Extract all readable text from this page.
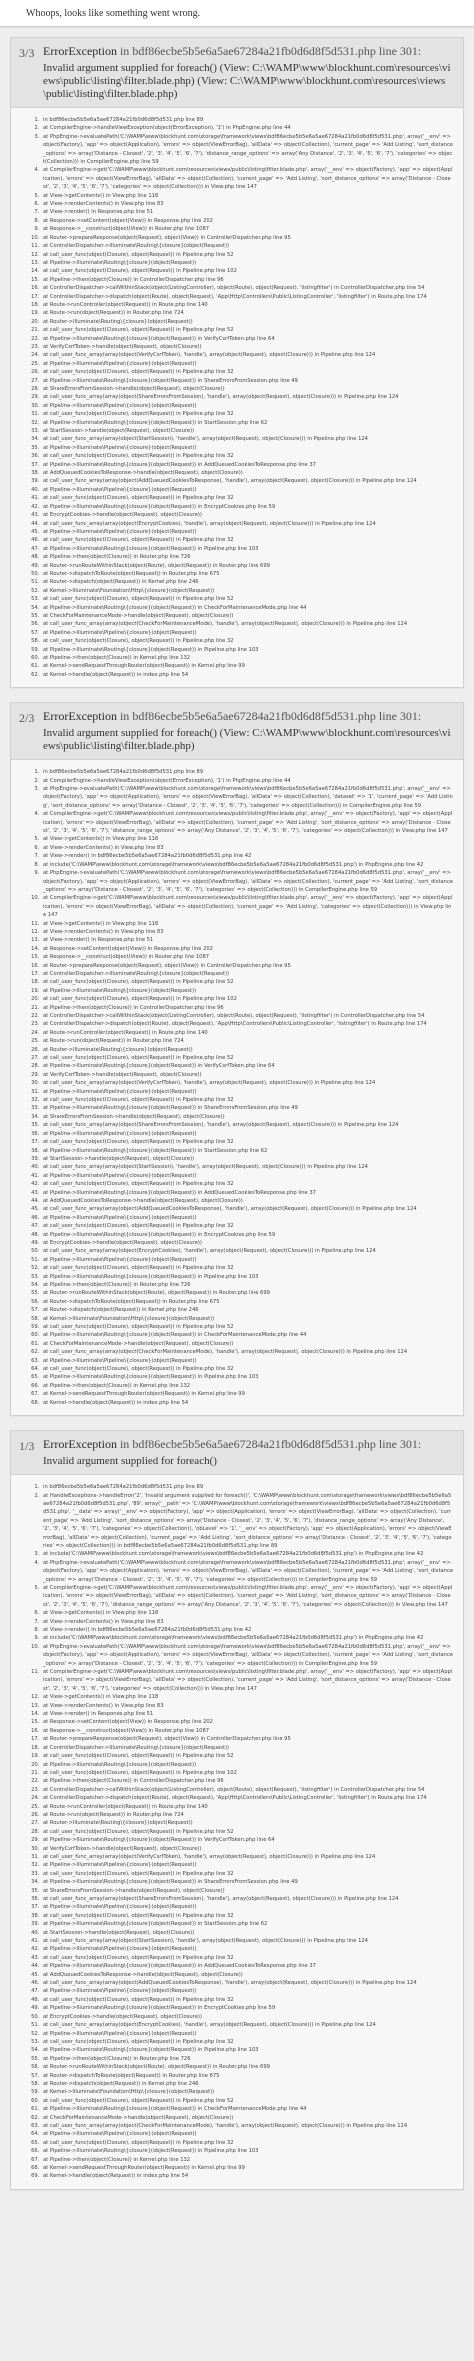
Whoops, looks like something went wrong.
3/3 ErrorException in bdf86ecbe5b5e6a5ae67284a21fb0d6d8f5d531.php line 301:
Invalid argument supplied for foreach() (View: C:\WAMP\www\blockhunt.com\resources\views\public\listing\filter.blade.php) (View: C:\WAMP\www\blockhunt.com\resources\views\public\listing\filter.blade.php)
1. in bdf86ecbe5b5e6a5ae67284a21fb0d6d8f5d531.php line 89
2. at CompilerEngine->handleViewException(object(ErrorException), '1') in PhpEngine.php line 44
3. at PhpEngine->evaluatePath('C:\WAMP\www\blockhunt.com\storage\framework\views\bdf86ecbe5b5e6a5ae67284a21fb0d6d8f5d531.php', array('__env' => object(Factory), 'app' => object(Application), 'errors' => object(ViewErrorBag), 'allData' => object(Collection), 'current_page' => 'Add Listing', 'sort_distance_options' => array('Distance - Closest', '2', '3', '4', '5', '6', '7'), 'distance_range_options' => array('Any Distance', '2', '3', '4', '5', '6', '7'), 'categories' => object(Collection))) in CompilerEngine.php line 59
4. at CompilerEngine->get('C:\WAMP\www\blockhunt.com\resources\views/public\listing\filter.blade.php', array('__env' => object(Factory), 'app' => object(Application), 'errors' => object(ViewErrorBag), 'allData' => object(Collection), 'current_page' => 'Add Listing', 'sort_distance_options' => array('Distance - Closest', '2', '3', '4', '5', '6', '7'), 'categories' => object(Collection))) in View.php line 147
5. at View->getContents() in View.php line 118
6. at View->renderContents() in View.php line 83
7. at View->render() in Response.php line 51
8. at Response->setContent(object(View)) in Response.php line 202
9. at Response->__construct(object(View)) in Router.php line 1087
10. at Router->prepareResponse(object(Request), object(View)) in ControllerDispatcher.php line 95
11. at ControllerDispatcher->Illuminate\Routing\{closure}(object(Request))
12. at call_user_func(object(Closure), object(Request)) in Pipeline.php line 52
13. at Pipeline->Illuminate\Routing\{closure}(object(Request))
14. at call_user_func(object(Closure), object(Request)) in Pipeline.php line 102
15. at Pipeline->then(object(Closure)) in ControllerDispatcher.php line 96
16. at ControllerDispatcher->callWithinStack(object(ListingController), object(Route), object(Request), 'listingfilter') in ControllerDispatcher.php line 54
17. at ControllerDispatcher->dispatch(object(Route), object(Request), 'App\Http\Controllers\Public\ListingController', 'listingfilter') in Route.php line 174
18. at Route->runController(object(Request)) in Route.php line 140
19. at Route->run(object(Request)) in Router.php line 724
20. at Router->Illuminate\Routing\{closure}(object(Request))
21. at call_user_func(object(Closure), object(Request)) in Pipeline.php line 52
22. at Pipeline->Illuminate\Routing\{closure}(object(Request)) in VerifyCsrfToken.php line 64
23. at VerifyCsrfToken->handle(object(Request), object(Closure))
24. at call_user_func_array(array(object(VerifyCsrfToken), 'handle'), array(object(Request), object(Closure))) in Pipeline.php line 124
25. at Pipeline->Illuminate\Pipeline\{closure}(object(Request))
26. at call_user_func(object(Closure), object(Request)) in Pipeline.php line 32
27. at Pipeline->Illuminate\Routing\{closure}(object(Request)) in ShareErrorsFromSession.php line 49
28. at ShareErrorsFromSession->handle(object(Request), object(Closure))
29. at call_user_func_array(array(object(ShareErrorsFromSession), 'handle'), array(object(Request), object(Closure))) in Pipeline.php line 124
30. at Pipeline->Illuminate\Pipeline\{closure}(object(Request))
31. at call_user_func(object(Closure), object(Request)) in Pipeline.php line 32
32. at Pipeline->Illuminate\Routing\{closure}(object(Request)) in StartSession.php line 62
33. at StartSession->handle(object(Request), object(Closure))
34. at call_user_func_array(array(object(StartSession), 'handle'), array(object(Request), object(Closure))) in Pipeline.php line 124
35. at Pipeline->Illuminate\Pipeline\{closure}(object(Request))
36. at call_user_func(object(Closure), object(Request)) in Pipeline.php line 32
37. at Pipeline->Illuminate\Routing\{closure}(object(Request)) in AddQueuedCookiesToResponse.php line 37
38. at AddQueuedCookiesToResponse->handle(object(Request), object(Closure))
39. at call_user_func_array(array(object(AddQueuedCookiesToResponse), 'handle'), array(object(Request), object(Closure))) in Pipeline.php line 124
40. at Pipeline->Illuminate\Pipeline\{closure}(object(Request))
41. at call_user_func(object(Closure), object(Request)) in Pipeline.php line 32
42. at Pipeline->Illuminate\Routing\{closure}(object(Request)) in EncryptCookies.php line 59
43. at EncryptCookies->handle(object(Request), object(Closure))
44. at call_user_func_array(array(object(EncryptCookies), 'handle'), array(object(Request), object(Closure))) in Pipeline.php line 124
45. at Pipeline->Illuminate\Pipeline\{closure}(object(Request))
46. at call_user_func(object(Closure), object(Request)) in Pipeline.php line 32
47. at Pipeline->Illuminate\Routing\{closure}(object(Request)) in Pipeline.php line 103
48. at Pipeline->then(object(Closure)) in Router.php line 726
49. at Router->runRouteWithinStack(object(Route), object(Request)) in Router.php line 699
50. at Router->dispatchToRoute(object(Request)) in Router.php line 675
51. at Router->dispatch(object(Request)) in Kernel.php line 246
52. at Kernel->Illuminate\Foundation\Http\{closure}(object(Request))
53. at call_user_func(object(Closure), object(Request)) in Pipeline.php line 52
54. at Pipeline->Illuminate\Routing\{closure}(object(Request)) in CheckForMaintenanceMode.php line 44
55. at CheckForMaintenanceMode->handle(object(Request), object(Closure))
56. at call_user_func_array(array(object(CheckForMaintenanceMode), 'handle'), array(object(Request), object(Closure))) in Pipeline.php line 124
57. at Pipeline->Illuminate\Pipeline\{closure}(object(Request))
58. at call_user_func(object(Closure), object(Request)) in Pipeline.php line 32
59. at Pipeline->Illuminate\Routing\{closure}(object(Request)) in Pipeline.php line 103
60. at Pipeline->then(object(Closure)) in Kernel.php line 132
61. at Kernel->sendRequestThroughRouter(object(Request)) in Kernel.php line 99
62. at Kernel->handle(object(Request)) in index.php line 54
2/3 ErrorException in bdf86ecbe5b5e6a5ae67284a21fb0d6d8f5d531.php line 301:
Invalid argument supplied for foreach() (View: C:\WAMP\www\blockhunt.com\resources\views\public\listing\filter.blade.php)
1. in bdf86ecbe5b5e6a5ae67284a21fb0d6d8f5d531.php line 89
2. at CompilerEngine->handleViewException(object(ErrorException), '1') in PhpEngine.php line 44
3. at PhpEngine->evaluatePath('C:\WAMP\www\blockhunt.com\storage\framework\views\bdf86ecbe5b5e6a5ae67284a21fb0d6d8f5d531.php', array('__env' => object(Factory), 'app' => object(Application), 'errors' => object(ViewErrorBag), 'allData' => object(Collection), 'dataset' => '1', 'current_page' => 'Add Listing', 'sort_distance_options' => array('Distance - Closest', '2', '3', '4', '5', '6', '7'), 'categories' => object(Collection))) in CompilerEngine.php line 59
4. at CompilerEngine->get('C:\WAMP\www\blockhunt.com\resources\views/public\listing\filter.blade.php', array('__env' => object(Factory), 'app' => object(Application), 'errors' => object(ViewErrorBag), 'allData' => object(Collection), 'current_page' => 'Add Listing', 'sort_distance_options' => array('Distance - Closest', '2', '3', '4', '5', '6', '7'), 'distance_range_options' => array('Any Distance', '2', '3', '4', '5', '6', '7'), 'categories' => object(Collection))) in View.php line 147
5. at View->getContents() in View.php line 118
6. at View->renderContents() in View.php line 83
7. at View->render() in bdf86ecbe5b5e6a5ae67284a21fb0d6d8f5d531.php line 42
8. at include('C:\WAMP\www\blockhunt.com\storage\framework\views\bdf86ecbe5b5e6a5ae67284a21fb0d6d8f5d531.php') in PhpEngine.php line 42
9. at PhpEngine->evaluatePath('C:\WAMP\www\blockhunt.com\storage\framework\views\bdf86ecbe5b5e6a5ae67284a21fb0d6d8f5d531.php', array('__env' => object(Factory), 'app' => object(Application), 'errors' => object(ViewErrorBag), 'allData' => object(Collection), 'current_page' => 'Add Listing', 'sort_distance_options' => array('Distance - Closest', '2', '3', '4', '5', '6', '7'), 'categories' => object(Collection))) in CompilerEngine.php line 59
10. at CompilerEngine->get('C:\WAMP\www\blockhunt.com\resources\views/public\listing\filter.blade.php', array('__env' => object(Factory), 'app' => object(Application), 'errors' => object(ViewErrorBag), 'allData' => object(Collection), 'current_page' => 'Add Listing', 'categories' => object(Collection))) in View.php line 147
11. at View->getContents() in View.php line 118
12. at View->renderContents() in View.php line 83
13. at View->render() in Response.php line 51
14. at Response->setContent(object(View)) in Response.php line 202
15. at Response->__construct(object(View)) in Router.php line 1087
16. at Router->prepareResponse(object(Request), object(View)) in ControllerDispatcher.php line 95
17. at ControllerDispatcher->Illuminate\Routing\{closure}(object(Request))
18. at call_user_func(object(Closure), object(Request)) in Pipeline.php line 52
19. at Pipeline->Illuminate\Routing\{closure}(object(Request))
20. at call_user_func(object(Closure), object(Request)) in Pipeline.php line 102
21. at Pipeline->then(object(Closure)) in ControllerDispatcher.php line 96
22. at ControllerDispatcher->callWithinStack(object(ListingController), object(Route), object(Request), 'listingfilter') in ControllerDispatcher.php line 54
23. at ControllerDispatcher->dispatch(object(Route), object(Request), 'App\Http\Controllers\Public\ListingController', 'listingfilter') in Route.php line 174
24. at Route->runController(object(Request)) in Route.php line 140
25. at Route->run(object(Request)) in Router.php line 724
26. at Router->Illuminate\Routing\{closure}(object(Request))
27. at call_user_func(object(Closure), object(Request)) in Pipeline.php line 52
28. at Pipeline->Illuminate\Routing\{closure}(object(Request)) in VerifyCsrfToken.php line 64
29. at VerifyCsrfToken->handle(object(Request), object(Closure))
30. at call_user_func_array(array(object(VerifyCsrfToken), 'handle'), array(object(Request), object(Closure))) in Pipeline.php line 124
31. at Pipeline->Illuminate\Pipeline\{closure}(object(Request))
32. at call_user_func(object(Closure), object(Request)) in Pipeline.php line 32
33. at Pipeline->Illuminate\Routing\{closure}(object(Request)) in ShareErrorsFromSession.php line 49
34. at ShareErrorsFromSession->handle(object(Request), object(Closure))
35. at call_user_func_array(array(object(ShareErrorsFromSession), 'handle'), array(object(Request), object(Closure))) in Pipeline.php line 124
36. at Pipeline->Illuminate\Pipeline\{closure}(object(Request))
37. at call_user_func(object(Closure), object(Request)) in Pipeline.php line 32
38. at Pipeline->Illuminate\Routing\{closure}(object(Request)) in StartSession.php line 62
39. at StartSession->handle(object(Request), object(Closure))
40. at call_user_func_array(array(object(StartSession), 'handle'), array(object(Request), object(Closure))) in Pipeline.php line 124
41. at Pipeline->Illuminate\Pipeline\{closure}(object(Request))
42. at call_user_func(object(Closure), object(Request)) in Pipeline.php line 32
43. at Pipeline->Illuminate\Routing\{closure}(object(Request)) in AddQueuedCookiesToResponse.php line 37
44. at AddQueuedCookiesToResponse->handle(object(Request), object(Closure))
45. at call_user_func_array(array(object(AddQueuedCookiesToResponse), 'handle'), array(object(Request), object(Closure))) in Pipeline.php line 124
46. at Pipeline->Illuminate\Pipeline\{closure}(object(Request))
47. at call_user_func(object(Closure), object(Request)) in Pipeline.php line 32
48. at Pipeline->Illuminate\Routing\{closure}(object(Request)) in EncryptCookies.php line 59
49. at EncryptCookies->handle(object(Request), object(Closure))
50. at call_user_func_array(array(object(EncryptCookies), 'handle'), array(object(Request), object(Closure))) in Pipeline.php line 124
51. at Pipeline->Illuminate\Pipeline\{closure}(object(Request))
52. at call_user_func(object(Closure), object(Request)) in Pipeline.php line 32
53. at Pipeline->Illuminate\Routing\{closure}(object(Request)) in Pipeline.php line 103
54. at Pipeline->then(object(Closure)) in Router.php line 726
55. at Router->runRouteWithinStack(object(Route), object(Request)) in Router.php line 699
56. at Router->dispatchToRoute(object(Request)) in Router.php line 675
57. at Router->dispatch(object(Request)) in Kernel.php line 246
58. at Kernel->Illuminate\Foundation\Http\{closure}(object(Request))
59. at call_user_func(object(Closure), object(Request)) in Pipeline.php line 52
60. at Pipeline->Illuminate\Routing\{closure}(object(Request)) in CheckForMaintenanceMode.php line 44
61. at CheckForMaintenanceMode->handle(object(Request), object(Closure))
62. at call_user_func_array(array(object(CheckForMaintenanceMode), 'handle'), array(object(Request), object(Closure))) in Pipeline.php line 124
63. at Pipeline->Illuminate\Pipeline\{closure}(object(Request))
64. at call_user_func(object(Closure), object(Request)) in Pipeline.php line 32
65. at Pipeline->Illuminate\Routing\{closure}(object(Request)) in Pipeline.php line 103
66. at Pipeline->then(object(Closure)) in Kernel.php line 132
67. at Kernel->sendRequestThroughRouter(object(Request)) in Kernel.php line 99
68. at Kernel->handle(object(Request)) in index.php line 54
1/3 ErrorException in bdf86ecbe5b5e6a5ae67284a21fb0d6d8f5d531.php line 301:
Invalid argument supplied for foreach()
1. in bdf86ecbe5b5e6a5ae67284a21fb0d6d8f5d531.php line 89
2. at HandleExceptions->handleError('2', 'Invalid argument supplied for foreach()', 'C:\WAMP\www\blockhunt.com\storage\framework\views\bdf86ecbe5b5e6a5ae67284a21fb0d6d8f5d531.php', '89', array('__path' => 'C:\WAMP\www\blockhunt.com\storage\framework\views\bdf86ecbe5b5e6a5ae67284a21fb0d6d8f5d531.php', '__data' => array('__env' => object(Factory), 'app' => object(Application), 'errors' => object(ViewErrorBag), 'allData' => object(Collection), 'current_page' => 'Add Listing', 'sort_distance_options' => array('Distance - Closest', '2', '3', '4', '5', '6', '7'), 'distance_range_options' => array('Any Distance', '2', '3', '4', '5', '6', '7'), 'categories' => object(Collection)), 'obLevel' => '1', '__env' => object(Factory), 'app' => object(Application), 'errors' => object(ViewErrorBag), 'allData' => object(Collection), 'current_page' => 'Add Listing', 'sort_distance_options' => array('Distance - Closest', '2', '3', '4', '5', '6', '7'), 'categories' => object(Collection))) in bdf86ecbe5b5e6a5ae67284a21fb0d6d8f5d531.php line 89
3. at include('C:\WAMP\www\blockhunt.com\storage\framework\views\bdf86ecbe5b5e6a5ae67284a21fb0d6d8f5d531.php') in PhpEngine.php line 42
4. at PhpEngine->evaluatePath('C:\WAMP\www\blockhunt.com\storage\framework\views\bdf86ecbe5b5e6a5ae67284a21fb0d6d8f5d531.php', array('__env' => object(Factory), 'app' => object(Application), 'errors' => object(ViewErrorBag), 'allData' => object(Collection), 'current_page' => 'Add Listing', 'sort_distance_options' => array('Distance - Closest', '2', '3', '4', '5', '6', '7'), 'categories' => object(Collection))) in CompilerEngine.php line 59
5. at CompilerEngine->get('C:\WAMP\www\blockhunt.com\resources\views/public\listing\filter.blade.php', array('__env' => object(Factory), 'app' => object(Application), 'errors' => object(ViewErrorBag), 'allData' => object(Collection), 'current_page' => 'Add Listing', 'sort_distance_options' => array('Distance - Closest', '2', '3', '4', '5', '6', '7'), 'distance_range_options' => array('Any Distance', '2', '3', '4', '5', '6', '7'), 'categories' => object(Collection))) in View.php line 147
6. at View->getContents() in View.php line 118
7. at View->renderContents() in View.php line 83
8. at View->render() in bdf86ecbe5b5e6a5ae67284a21fb0d6d8f5d531.php line 42
9. at include('C:\WAMP\www\blockhunt.com\storage\framework\views\bdf86ecbe5b5e6a5ae67284a21fb0d6d8f5d531.php') in PhpEngine.php line 42
10. at PhpEngine->evaluatePath('C:\WAMP\www\blockhunt.com\storage\framework\views\bdf86ecbe5b5e6a5ae67284a21fb0d6d8f5d531.php', array('__env' => object(Factory), 'app' => object(Application), 'errors' => object(ViewErrorBag), 'allData' => object(Collection), 'current_page' => 'Add Listing', 'sort_distance_options' => array('Distance - Closest', '2', '3', '4', '5', '6', '7'), 'categories' => object(Collection))) in CompilerEngine.php line 59
11. at CompilerEngine->get('C:\WAMP\www\blockhunt.com\resources\views/public\listing\filter.blade.php', array('__env' => object(Factory), 'app' => object(Application), 'errors' => object(ViewErrorBag), 'allData' => object(Collection), 'current_page' => 'Add Listing', 'sort_distance_options' => array('Distance - Closest', '2', '3', '4', '5', '6', '7'), 'categories' => object(Collection))) in View.php line 147
12. at View->getContents() in View.php line 118
13. at View->renderContents() in View.php line 83
14. at View->render() in Response.php line 51
15. at Response->setContent(object(View)) in Response.php line 202
16. at Response->__construct(object(View)) in Router.php line 1087
17. at Router->prepareResponse(object(Request), object(View)) in ControllerDispatcher.php line 95
18. at ControllerDispatcher->Illuminate\Routing\{closure}(object(Request))
19. at call_user_func(object(Closure), object(Request)) in Pipeline.php line 52
20. at Pipeline->Illuminate\Routing\{closure}(object(Request))
21. at call_user_func(object(Closure), object(Request)) in Pipeline.php line 102
22. at Pipeline->then(object(Closure)) in ControllerDispatcher.php line 96
23. at ControllerDispatcher->callWithinStack(object(ListingController), object(Route), object(Request), 'listingfilter') in ControllerDispatcher.php line 54
24. at ControllerDispatcher->dispatch(object(Route), object(Request), 'App\Http\Controllers\Public\ListingController', 'listingfilter') in Route.php line 174
25. at Route->runController(object(Request)) in Route.php line 140
26. at Route->run(object(Request)) in Router.php line 724
27. at Router->Illuminate\Routing\{closure}(object(Request))
28. at call_user_func(object(Closure), object(Request)) in Pipeline.php line 52
29. at Pipeline->Illuminate\Routing\{closure}(object(Request)) in VerifyCsrfToken.php line 64
30. at VerifyCsrfToken->handle(object(Request), object(Closure))
31. at call_user_func_array(array(object(VerifyCsrfToken), 'handle'), array(object(Request), object(Closure))) in Pipeline.php line 124
32. at Pipeline->Illuminate\Pipeline\{closure}(object(Request))
33. at call_user_func(object(Closure), object(Request)) in Pipeline.php line 32
34. at Pipeline->Illuminate\Routing\{closure}(object(Request)) in ShareErrorsFromSession.php line 49
35. at ShareErrorsFromSession->handle(object(Request), object(Closure))
36. at call_user_func_array(array(object(ShareErrorsFromSession), 'handle'), array(object(Request), object(Closure))) in Pipeline.php line 124
37. at Pipeline->Illuminate\Pipeline\{closure}(object(Request))
38. at call_user_func(object(Closure), object(Request)) in Pipeline.php line 32
39. at Pipeline->Illuminate\Routing\{closure}(object(Request)) in StartSession.php line 62
40. at StartSession->handle(object(Request), object(Closure))
41. at call_user_func_array(array(object(StartSession), 'handle'), array(object(Request), object(Closure))) in Pipeline.php line 124
42. at Pipeline->Illuminate\Pipeline\{closure}(object(Request))
43. at call_user_func(object(Closure), object(Request)) in Pipeline.php line 32
44. at Pipeline->Illuminate\Routing\{closure}(object(Request)) in AddQueuedCookiesToResponse.php line 37
45. at AddQueuedCookiesToResponse->handle(object(Request), object(Closure))
46. at call_user_func_array(array(object(AddQueuedCookiesToResponse), 'handle'), array(object(Request), object(Closure))) in Pipeline.php line 124
47. at Pipeline->Illuminate\Pipeline\{closure}(object(Request))
48. at call_user_func(object(Closure), object(Request)) in Pipeline.php line 32
49. at Pipeline->Illuminate\Routing\{closure}(object(Request)) in EncryptCookies.php line 59
50. at EncryptCookies->handle(object(Request), object(Closure))
51. at call_user_func_array(array(object(EncryptCookies), 'handle'), array(object(Request), object(Closure))) in Pipeline.php line 124
52. at Pipeline->Illuminate\Pipeline\{closure}(object(Request))
53. at call_user_func(object(Closure), object(Request)) in Pipeline.php line 32
54. at Pipeline->Illuminate\Routing\{closure}(object(Request)) in Pipeline.php line 103
55. at Pipeline->then(object(Closure)) in Router.php line 726
56. at Router->runRouteWithinStack(object(Route), object(Request)) in Router.php line 699
57. at Router->dispatchToRoute(object(Request)) in Router.php line 675
58. at Router->dispatch(object(Request)) in Kernel.php line 246
59. at Kernel->Illuminate\Foundation\Http\{closure}(object(Request))
60. at call_user_func(object(Closure), object(Request)) in Pipeline.php line 52
61. at Pipeline->Illuminate\Routing\{closure}(object(Request)) in CheckForMaintenanceMode.php line 44
62. at CheckForMaintenanceMode->handle(object(Request), object(Closure))
63. at call_user_func_array(array(object(CheckForMaintenanceMode), 'handle'), array(object(Request), object(Closure))) in Pipeline.php line 124
64. at Pipeline->Illuminate\Pipeline\{closure}(object(Request))
65. at call_user_func(object(Closure), object(Request)) in Pipeline.php line 32
66. at Pipeline->Illuminate\Routing\{closure}(object(Request)) in Pipeline.php line 103
67. at Pipeline->then(object(Closure)) in Kernel.php line 132
68. at Kernel->sendRequestThroughRouter(object(Request)) in Kernel.php line 99
69. at Kernel->handle(object(Request)) in index.php line 54
